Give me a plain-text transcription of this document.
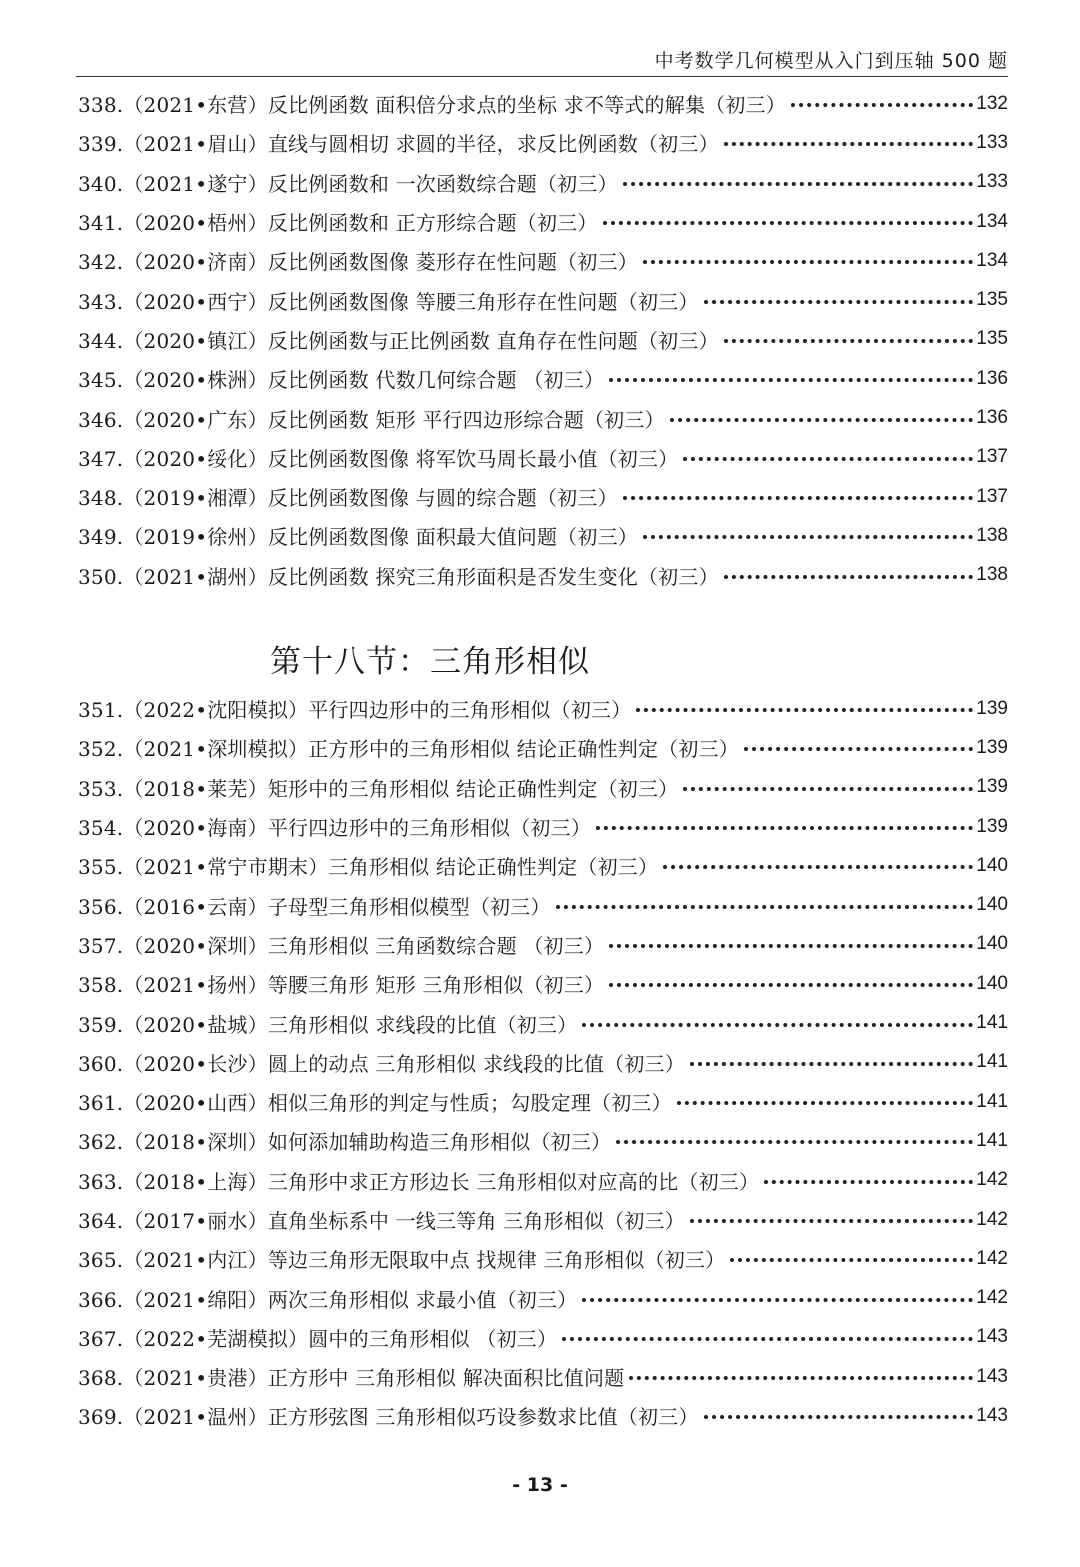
中考数学几何模型从入门到压轴 500 题
338.（2021•东营）反比例函数 面积倍分求点的坐标 求不等式的解集（初三）	132
339.（2021•眉山）直线与圆相切 求圆的半径，求反比例函数（初三）	133
340.（2021•遂宁）反比例函数和 一次函数综合题（初三）	133
341.（2020•梧州）反比例函数和 正方形综合题（初三）	134
342.（2020•济南）反比例函数图像 菱形存在性问题（初三）	134
343.（2020•西宁）反比例函数图像 等腰三角形存在性问题（初三）	135
344.（2020•镇江）反比例函数与正比例函数 直角存在性问题（初三）	135
345.（2020•株洲）反比例函数 代数几何综合题 （初三）	136
346.（2020•广东）反比例函数 矩形 平行四边形综合题（初三）	136
347.（2020•绥化）反比例函数图像 将军饮马周长最小值（初三）	137
348.（2019•湘潭）反比例函数图像 与圆的综合题（初三）	137
349.（2019•徐州）反比例函数图像 面积最大值问题（初三）	138
350.（2021•湖州）反比例函数 探究三角形面积是否发生变化（初三）	138
第十八节：三角形相似
351.（2022•沈阳模拟）平行四边形中的三角形相似（初三）	139
352.（2021•深圳模拟）正方形中的三角形相似 结论正确性判定（初三）	139
353.（2018•莱芜）矩形中的三角形相似 结论正确性判定（初三）	139
354.（2020•海南）平行四边形中的三角形相似（初三）	139
355.（2021•常宁市期末）三角形相似 结论正确性判定（初三）	140
356.（2016•云南）子母型三角形相似模型（初三）	140
357.（2020•深圳）三角形相似 三角函数综合题 （初三）	140
358.（2021•扬州）等腰三角形 矩形 三角形相似（初三）	140
359.（2020•盐城）三角形相似 求线段的比值（初三）	141
360.（2020•长沙）圆上的动点 三角形相似 求线段的比值（初三）	141
361.（2020•山西）相似三角形的判定与性质；勾股定理（初三）	141
362.（2018•深圳）如何添加辅助构造三角形相似（初三）	141
363.（2018•上海）三角形中求正方形边长 三角形相似对应高的比（初三）	142
364.（2017•丽水）直角坐标系中 一线三等角 三角形相似（初三）	142
365.（2021•内江）等边三角形无限取中点 找规律 三角形相似（初三）	142
366.（2021•绵阳）两次三角形相似 求最小值（初三）	142
367.（2022•芜湖模拟）圆中的三角形相似 （初三）	143
368.（2021•贵港）正方形中 三角形相似 解决面积比值问题	143
369.（2021•温州）正方形弦图 三角形相似巧设参数求比值（初三）	143
- 13 -
